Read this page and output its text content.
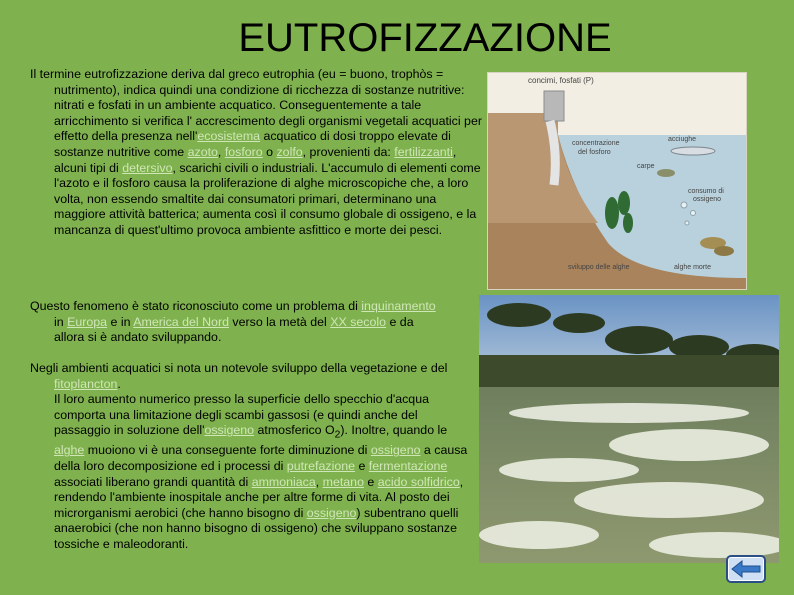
EUTROFIZZAZIONE

Il termine eutrofizzazione deriva dal greco eutrophia (eu = buono, trophòs = nutrimento), indica quindi una condizione di ricchezza di sostanze nutritive: nitrati e fosfati in un ambiente acquatico. Conseguentemente a tale arricchimento si verifica l' accrescimento degli organismi vegetali acquatici per effetto della presenza nell'ecosistema acquatico di dosi troppo elevate di sostanze nutritive come azoto, fosforo o zolfo, provenienti da: fertilizzanti, alcuni tipi di detersivo, scarichi civili o industriali. L'accumulo di elementi come l'azoto e il fosforo causa la proliferazione di alghe microscopiche che, a loro volta, non essendo smaltite dai consumatori primari, determinano una maggiore attività batterica; aumenta così il consumo globale di ossigeno, e la mancanza di quest'ultimo provoca ambiente asfittico e morte dei pesci.

Questo fenomeno è stato riconosciuto come un problema di inquinamento in Europa e in America del Nord verso la metà del XX secolo e da allora si è andato sviluppando.

Negli ambienti acquatici si nota un notevole sviluppo della vegetazione e del fitoplancton.
Il loro aumento numerico presso la superficie dello specchio d'acqua comporta una limitazione degli scambi gassosi (e quindi anche del passaggio in soluzione dell'ossigeno atmosferico $O_2$). Inoltre, quando le alghe muoiono vi è una conseguente forte diminuzione di ossigeno a causa della loro decomposizione ed i processi di putrefazione e fermentazione associati liberano grandi quantità di ammoniaca, metano e acido solfidrico, rendendo l'ambiente inospitale anche per altre forme di vita. Al posto dei microrganismi aerobici (che hanno bisogno di ossigeno) subentrano quelli anaerobici (che non hanno bisogno di ossigeno) che sviluppano sostanze tossiche e maleodoranti.

concimi, fosfati (P)
concentrazione
del fosforo
carpe
acciughe
consumo di
ossigeno
sviluppo delle alghe	alghe morte
